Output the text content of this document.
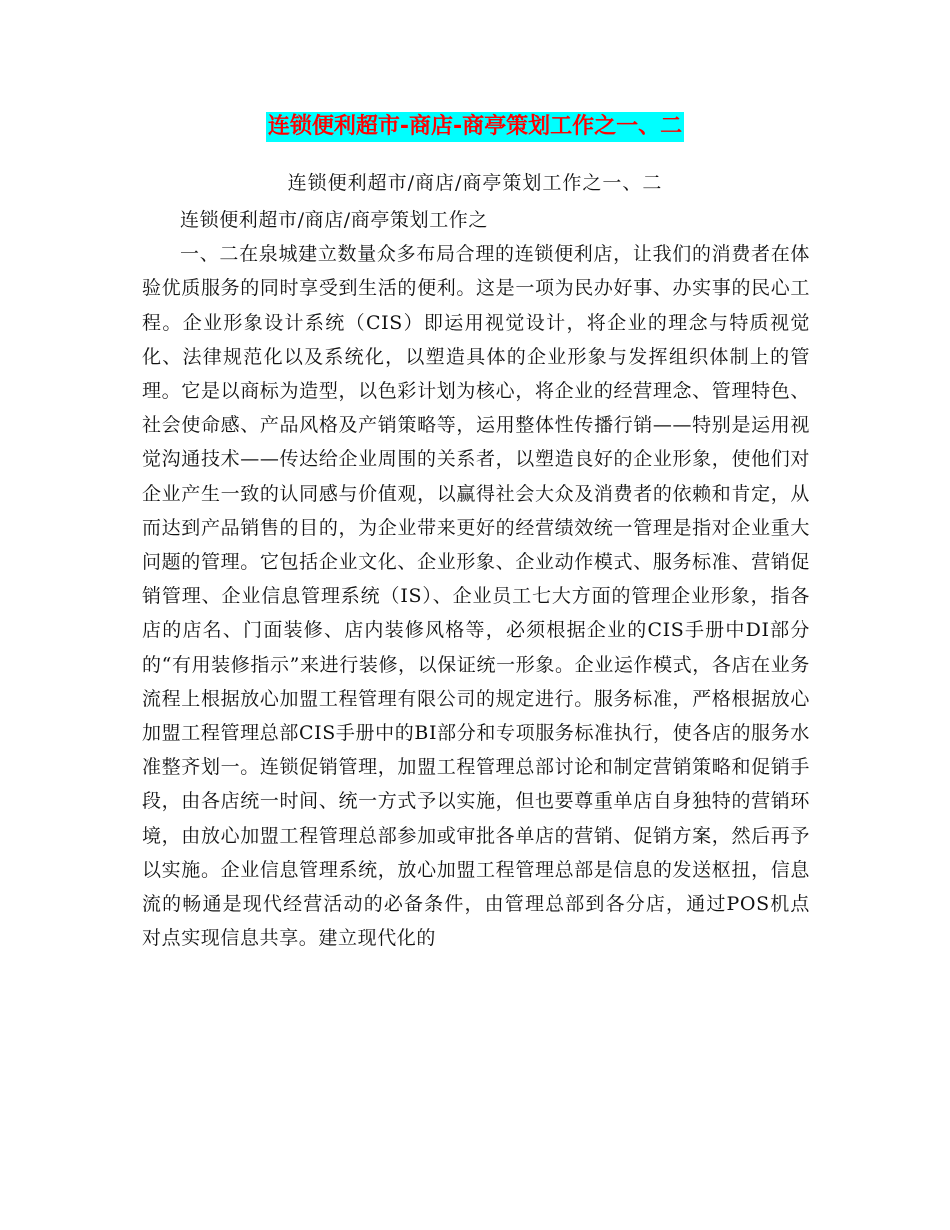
连锁便利超市-商店-商亭策划工作之一、二
连锁便利超市/商店/商亭策划工作之一、二

连锁便利超市/商店/商亭策划工作之

一、二在泉城建立数量众多布局合理的连锁便利店，让我们的消费者在体验优质服务的同时享受到生活的便利。这是一项为民办好事、办实事的民心工程。企业形象设计系统（CIS）即运用视觉设计，将企业的理念与特质视觉化、法律规范化以及系统化，以塑造具体的企业形象与发挥组织体制上的管理。它是以商标为造型，以色彩计划为核心，将企业的经营理念、管理特色、社会使命感、产品风格及产销策略等，运用整体性传播行销——特别是运用视觉沟通技术——传达给企业周围的关系者，以塑造良好的企业形象，使他们对企业产生一致的认同感与价值观，以赢得社会大众及消费者的依赖和肯定，从而达到产品销售的目的，为企业带来更好的经营绩效统一管理是指对企业重大问题的管理。它包括企业文化、企业形象、企业动作模式、服务标准、营销促销管理、企业信息管理系统（IS）、企业员工七大方面的管理企业形象，指各店的店名、门面装修、店内装修风格等，必须根据企业的CIS手册中DI部分的“有用装修指示”来进行装修，以保证统一形象。企业运作模式，各店在业务流程上根据放心加盟工程管理有限公司的规定进行。服务标准，严格根据放心加盟工程管理总部CIS手册中的BI部分和专项服务标准执行，使各店的服务水准整齐划一。连锁促销管理，加盟工程管理总部讨论和制定营销策略和促销手段，由各店统一时间、统一方式予以实施，但也要尊重单店自身独特的营销环境，由放心加盟工程管理总部参加或审批各单店的营销、促销方案，然后再予以实施。企业信息管理系统，放心加盟工程管理总部是信息的发送枢扭，信息流的畅通是现代经营活动的必备条件，由管理总部到各分店，通过POS机点对点实现信息共享。建立现代化的
